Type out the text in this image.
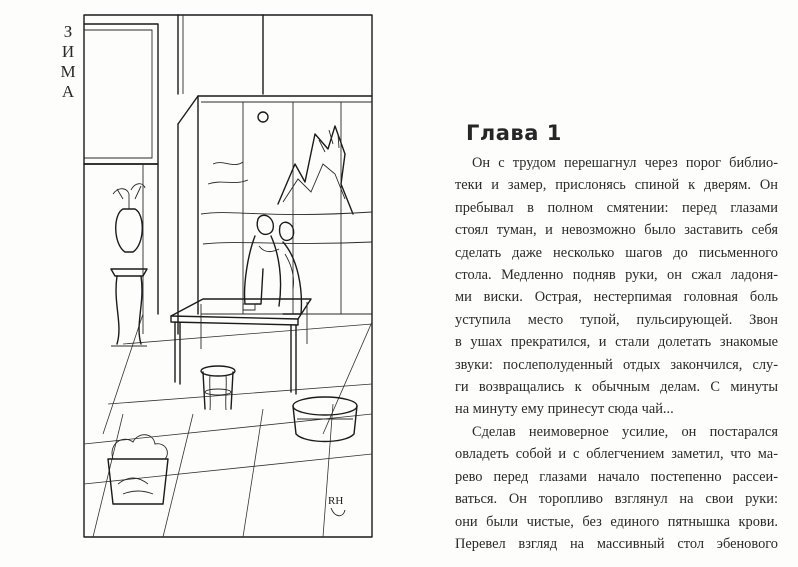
З
И
М
А
RH
Глава 1
Он с трудом перешагнул через порог библио-
теки и замер, прислонясь спиной к дверям. Он
пребывал в полном смятении: перед глазами
стоял туман, и невозможно было заставить себя
сделать даже несколько шагов до письменного
стола. Медленно подняв руки, он сжал ладоня-
ми виски. Острая, нестерпимая головная боль
уступила место тупой, пульсирующей. Звон
в ушах прекратился, и стали долетать знакомые
звуки: послеполуденный отдых закончился, слу-
ги возвращались к обычным делам. С минуты
на минуту ему принесут сюда чай...
Сделав неимоверное усилие, он постарался
овладеть собой и с облегчением заметил, что ма-
рево перед глазами начало постепенно рассеи-
ваться. Он торопливо взглянул на свои руки:
они были чистые, без единого пятнышка крови.
Перевел взгляд на массивный стол эбенового
